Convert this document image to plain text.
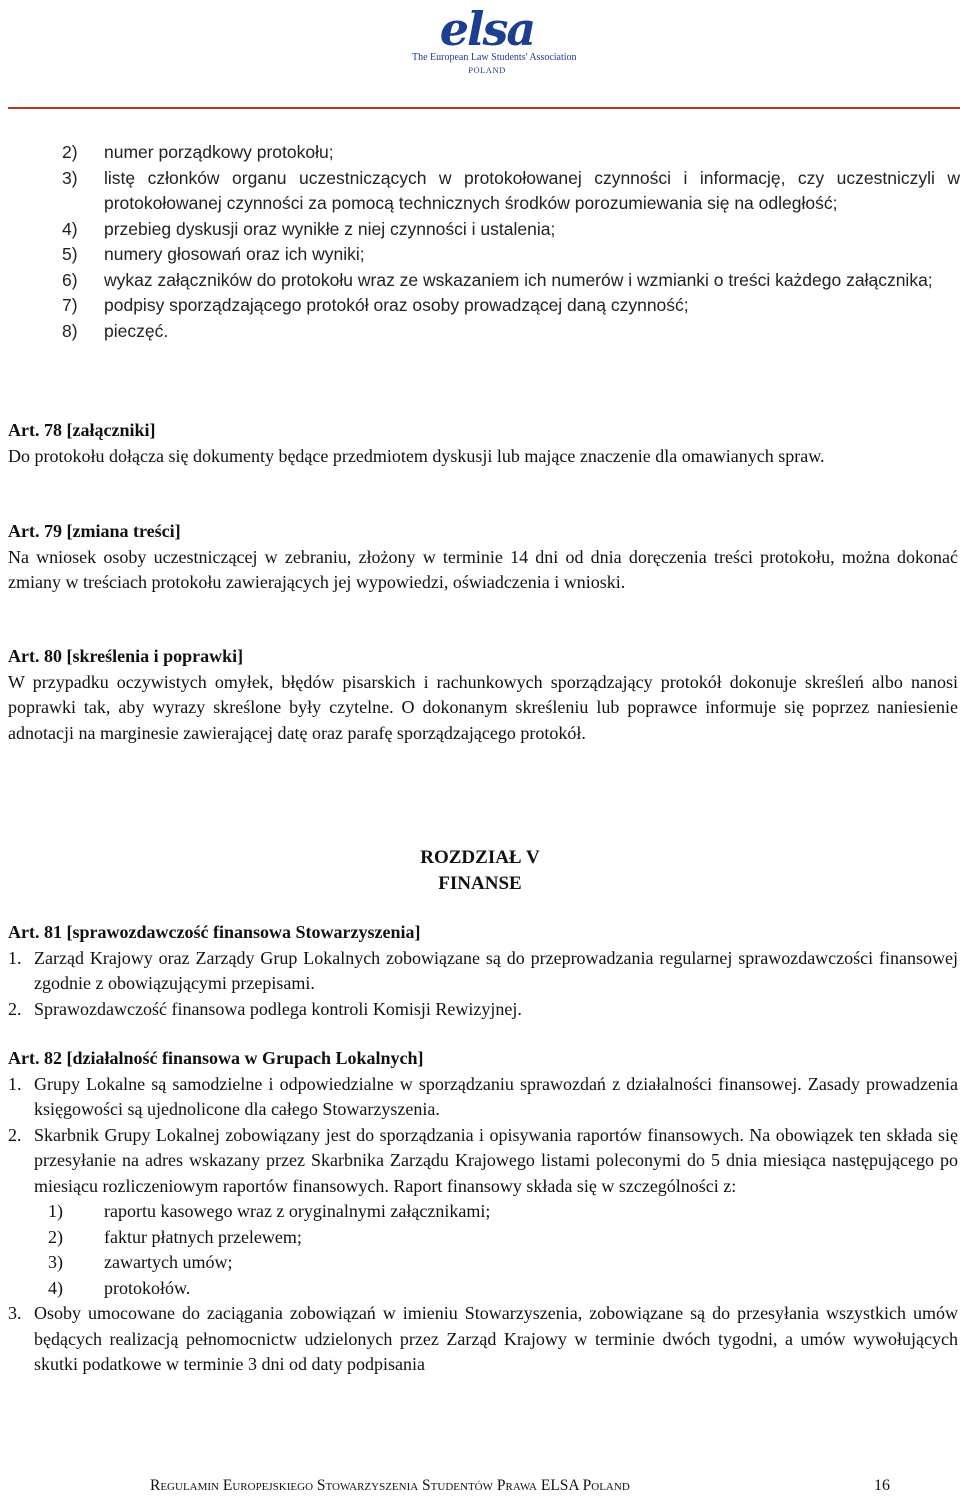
elsa
The European Law Students' Association
POLAND
2) numer porządkowy protokołu;
3) listę członków organu uczestniczących w protokołowanej czynności i informację, czy uczestniczyli w protokołowanej czynności za pomocą technicznych środków porozumiewania się na odległość;
4) przebieg dyskusji oraz wynikłe z niej czynności i ustalenia;
5) numery głosowań oraz ich wyniki;
6) wykaz załączników do protokołu wraz ze wskazaniem ich numerów i wzmianki o treści każdego załącznika;
7) podpisy sporządzającego protokół oraz osoby prowadzącej daną czynność;
8) pieczęć.
Art. 78 [załączniki]
Do protokołu dołącza się dokumenty będące przedmiotem dyskusji lub mające znaczenie dla omawianych spraw.
Art. 79 [zmiana treści]
Na wniosek osoby uczestniczącej w zebraniu, złożony w terminie 14 dni od dnia doręczenia treści protokołu, można dokonać zmiany w treściach protokołu zawierających jej wypowiedzi, oświadczenia i wnioski.
Art. 80 [skreślenia i poprawki]
W przypadku oczywistych omyłek, błędów pisarskich i rachunkowych sporządzający protokół dokonuje skreśleń albo nanosi poprawki tak, aby wyrazy skreślone były czytelne. O dokonanym skreśleniu lub poprawce informuje się poprzez naniesienie adnotacji na marginesie zawierającej datę oraz parafę sporządzającego protokół.
ROZDZIAŁ V
FINANSE
Art. 81 [sprawozdawczość finansowa Stowarzyszenia]
1. Zarząd Krajowy oraz Zarządy Grup Lokalnych zobowiązane są do przeprowadzania regularnej sprawozdawczości finansowej zgodnie z obowiązującymi przepisami.
2. Sprawozdawczość finansowa podlega kontroli Komisji Rewizyjnej.
Art. 82 [działalność finansowa w Grupach Lokalnych]
1. Grupy Lokalne są samodzielne i odpowiedzialne w sporządzaniu sprawozdań z działalności finansowej. Zasady prowadzenia księgowości są ujednolicone dla całego Stowarzyszenia.
2. Skarbnik Grupy Lokalnej zobowiązany jest do sporządzania i opisywania raportów finansowych. Na obowiązek ten składa się przesyłanie na adres wskazany przez Skarbnika Zarządu Krajowego listami poleconymi do 5 dnia miesiąca następującego po miesiącu rozliczeniowym raportów finansowych. Raport finansowy składa się w szczególności z:
1) raportu kasowego wraz z oryginalnymi załącznikami;
2) faktur płatnych przelewem;
3) zawartych umów;
4) protokołów.
3. Osoby umocowane do zaciągania zobowiązań w imieniu Stowarzyszenia, zobowiązane są do przesyłania wszystkich umów będących realizacją pełnomocnictw udzielonych przez Zarząd Krajowy w terminie dwóch tygodni, a umów wywołujących skutki podatkowe w terminie 3 dni od daty podpisania
Regulamin Europejskiego Stowarzyszenia Studentów Prawa ELSA Poland	16
